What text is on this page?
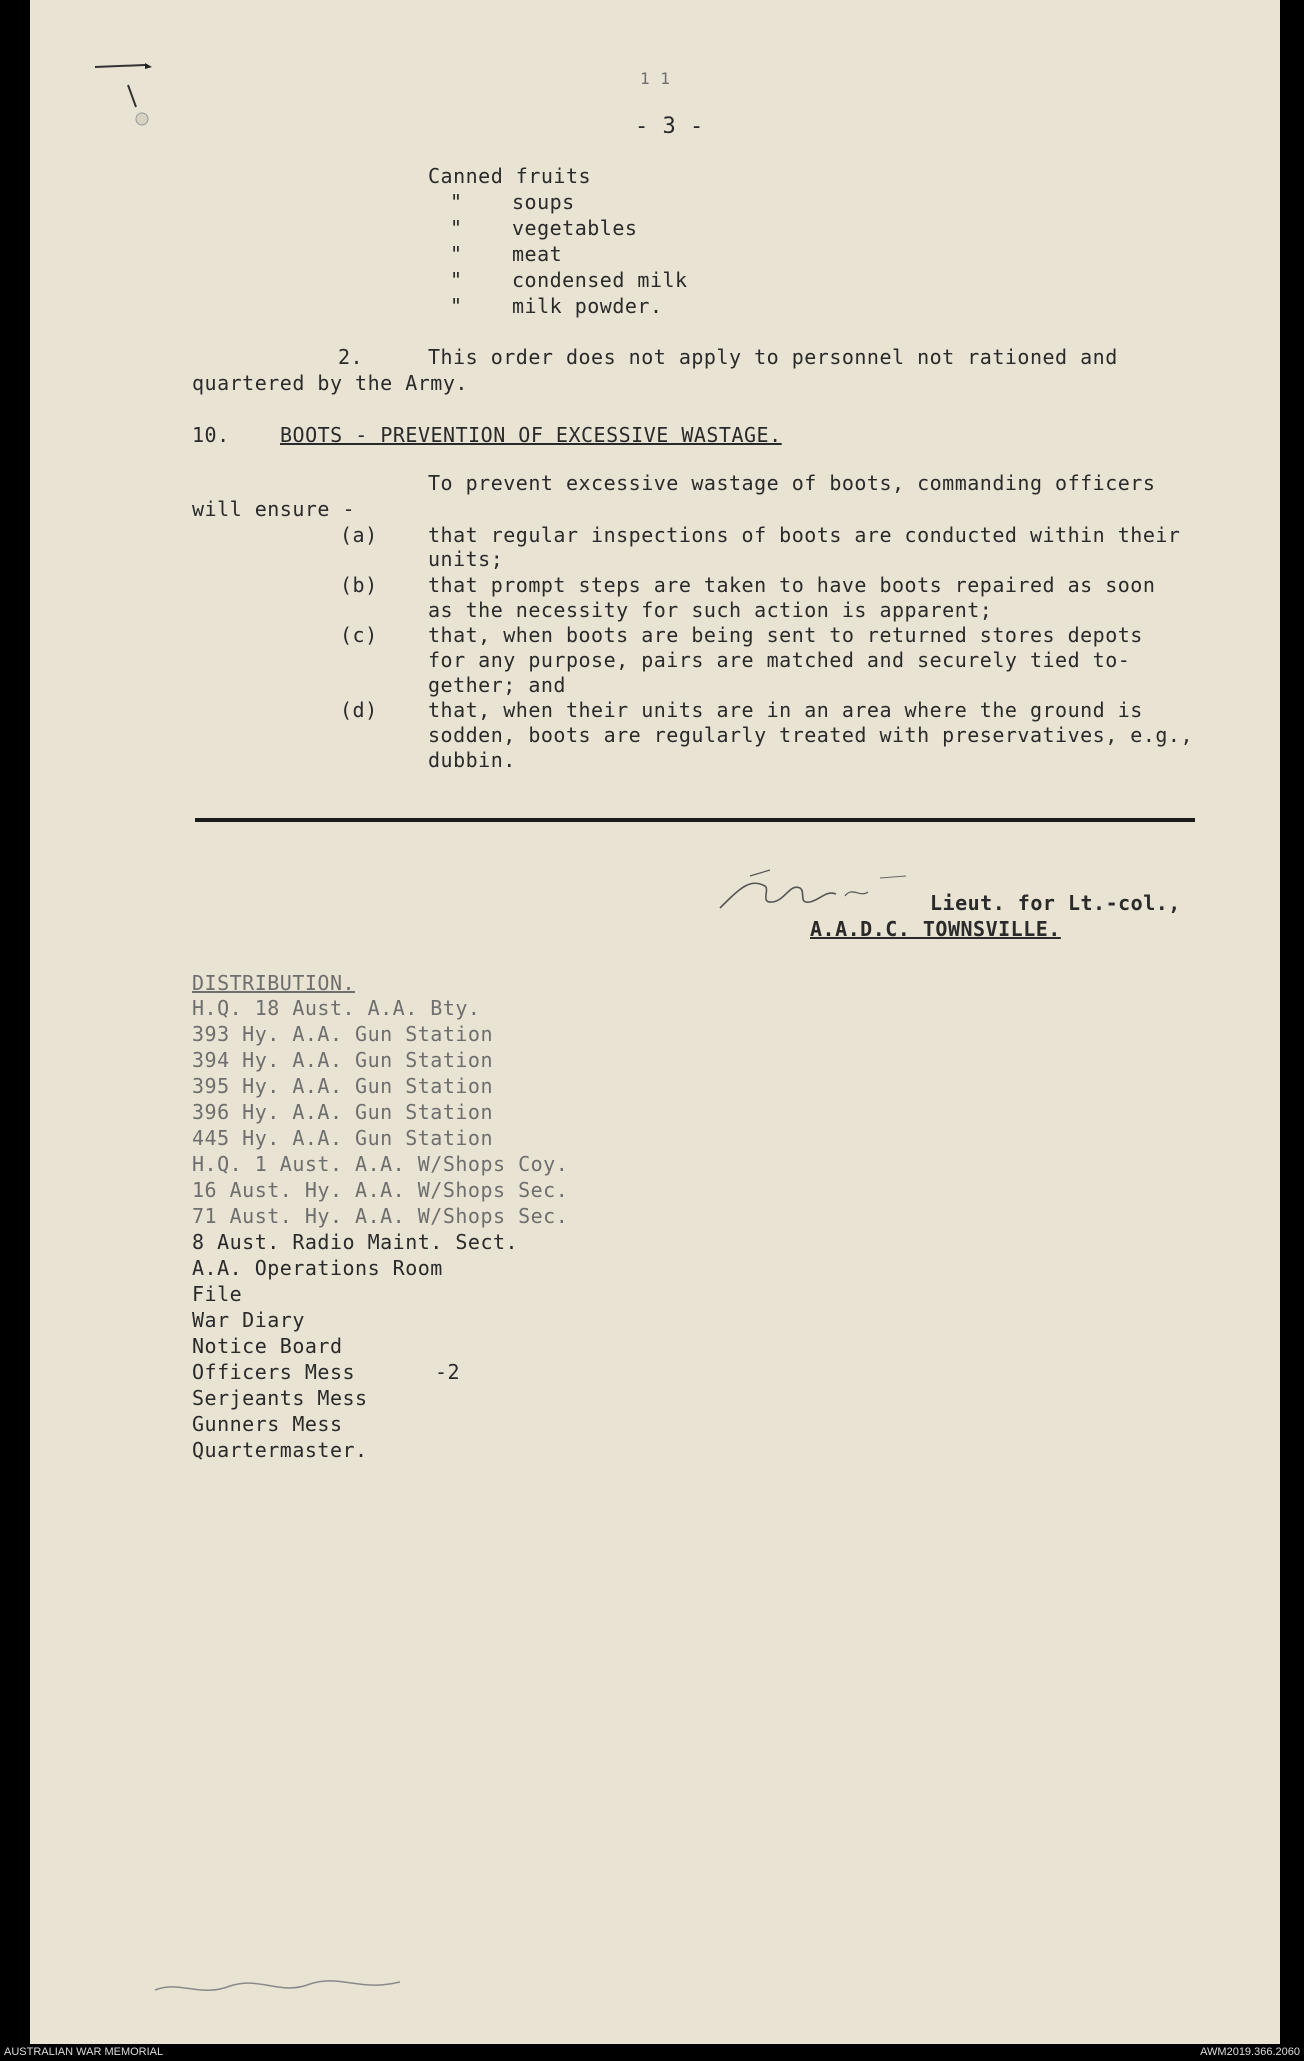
1 1
- 3 -
Canned fruits
" soups
" vegetables
" meat
" condensed milk
" milk powder.
2.	This order does not apply to personnel not rationed and
quartered by the Army.
10.	BOOTS - PREVENTION OF EXCESSIVE WASTAGE.
To prevent excessive wastage of boots, commanding officers
will ensure -
(a)	that regular inspections of boots are conducted within their
units;
(b)	that prompt steps are taken to have boots repaired as soon
as the necessity for such action is apparent;
(c)	that, when boots are being sent to returned stores depots
for any purpose, pairs are matched and securely tied to-
gether; and
(d)	that, when their units are in an area where the ground is
sodden, boots are regularly treated with preservatives, e.g.,
dubbin.
Lieut. for Lt.-col.,
A.A.D.C. TOWNSVILLE.
DISTRIBUTION.
H.Q. 18 Aust. A.A. Bty.
393 Hy. A.A. Gun Station
394 Hy. A.A. Gun Station
395 Hy. A.A. Gun Station
396 Hy. A.A. Gun Station
445 Hy. A.A. Gun Station
H.Q. 1 Aust. A.A. W/Shops Coy.
16 Aust. Hy. A.A. W/Shops Sec.
71 Aust. Hy. A.A. W/Shops Sec.
8 Aust. Radio Maint. Sect.
A.A. Operations Room
File
War Diary
Notice Board
Officers Mess	-2
Serjeants Mess
Gunners Mess
Quartermaster.
AUSTRALIAN WAR MEMORIAL	AWM2019.366.2060
